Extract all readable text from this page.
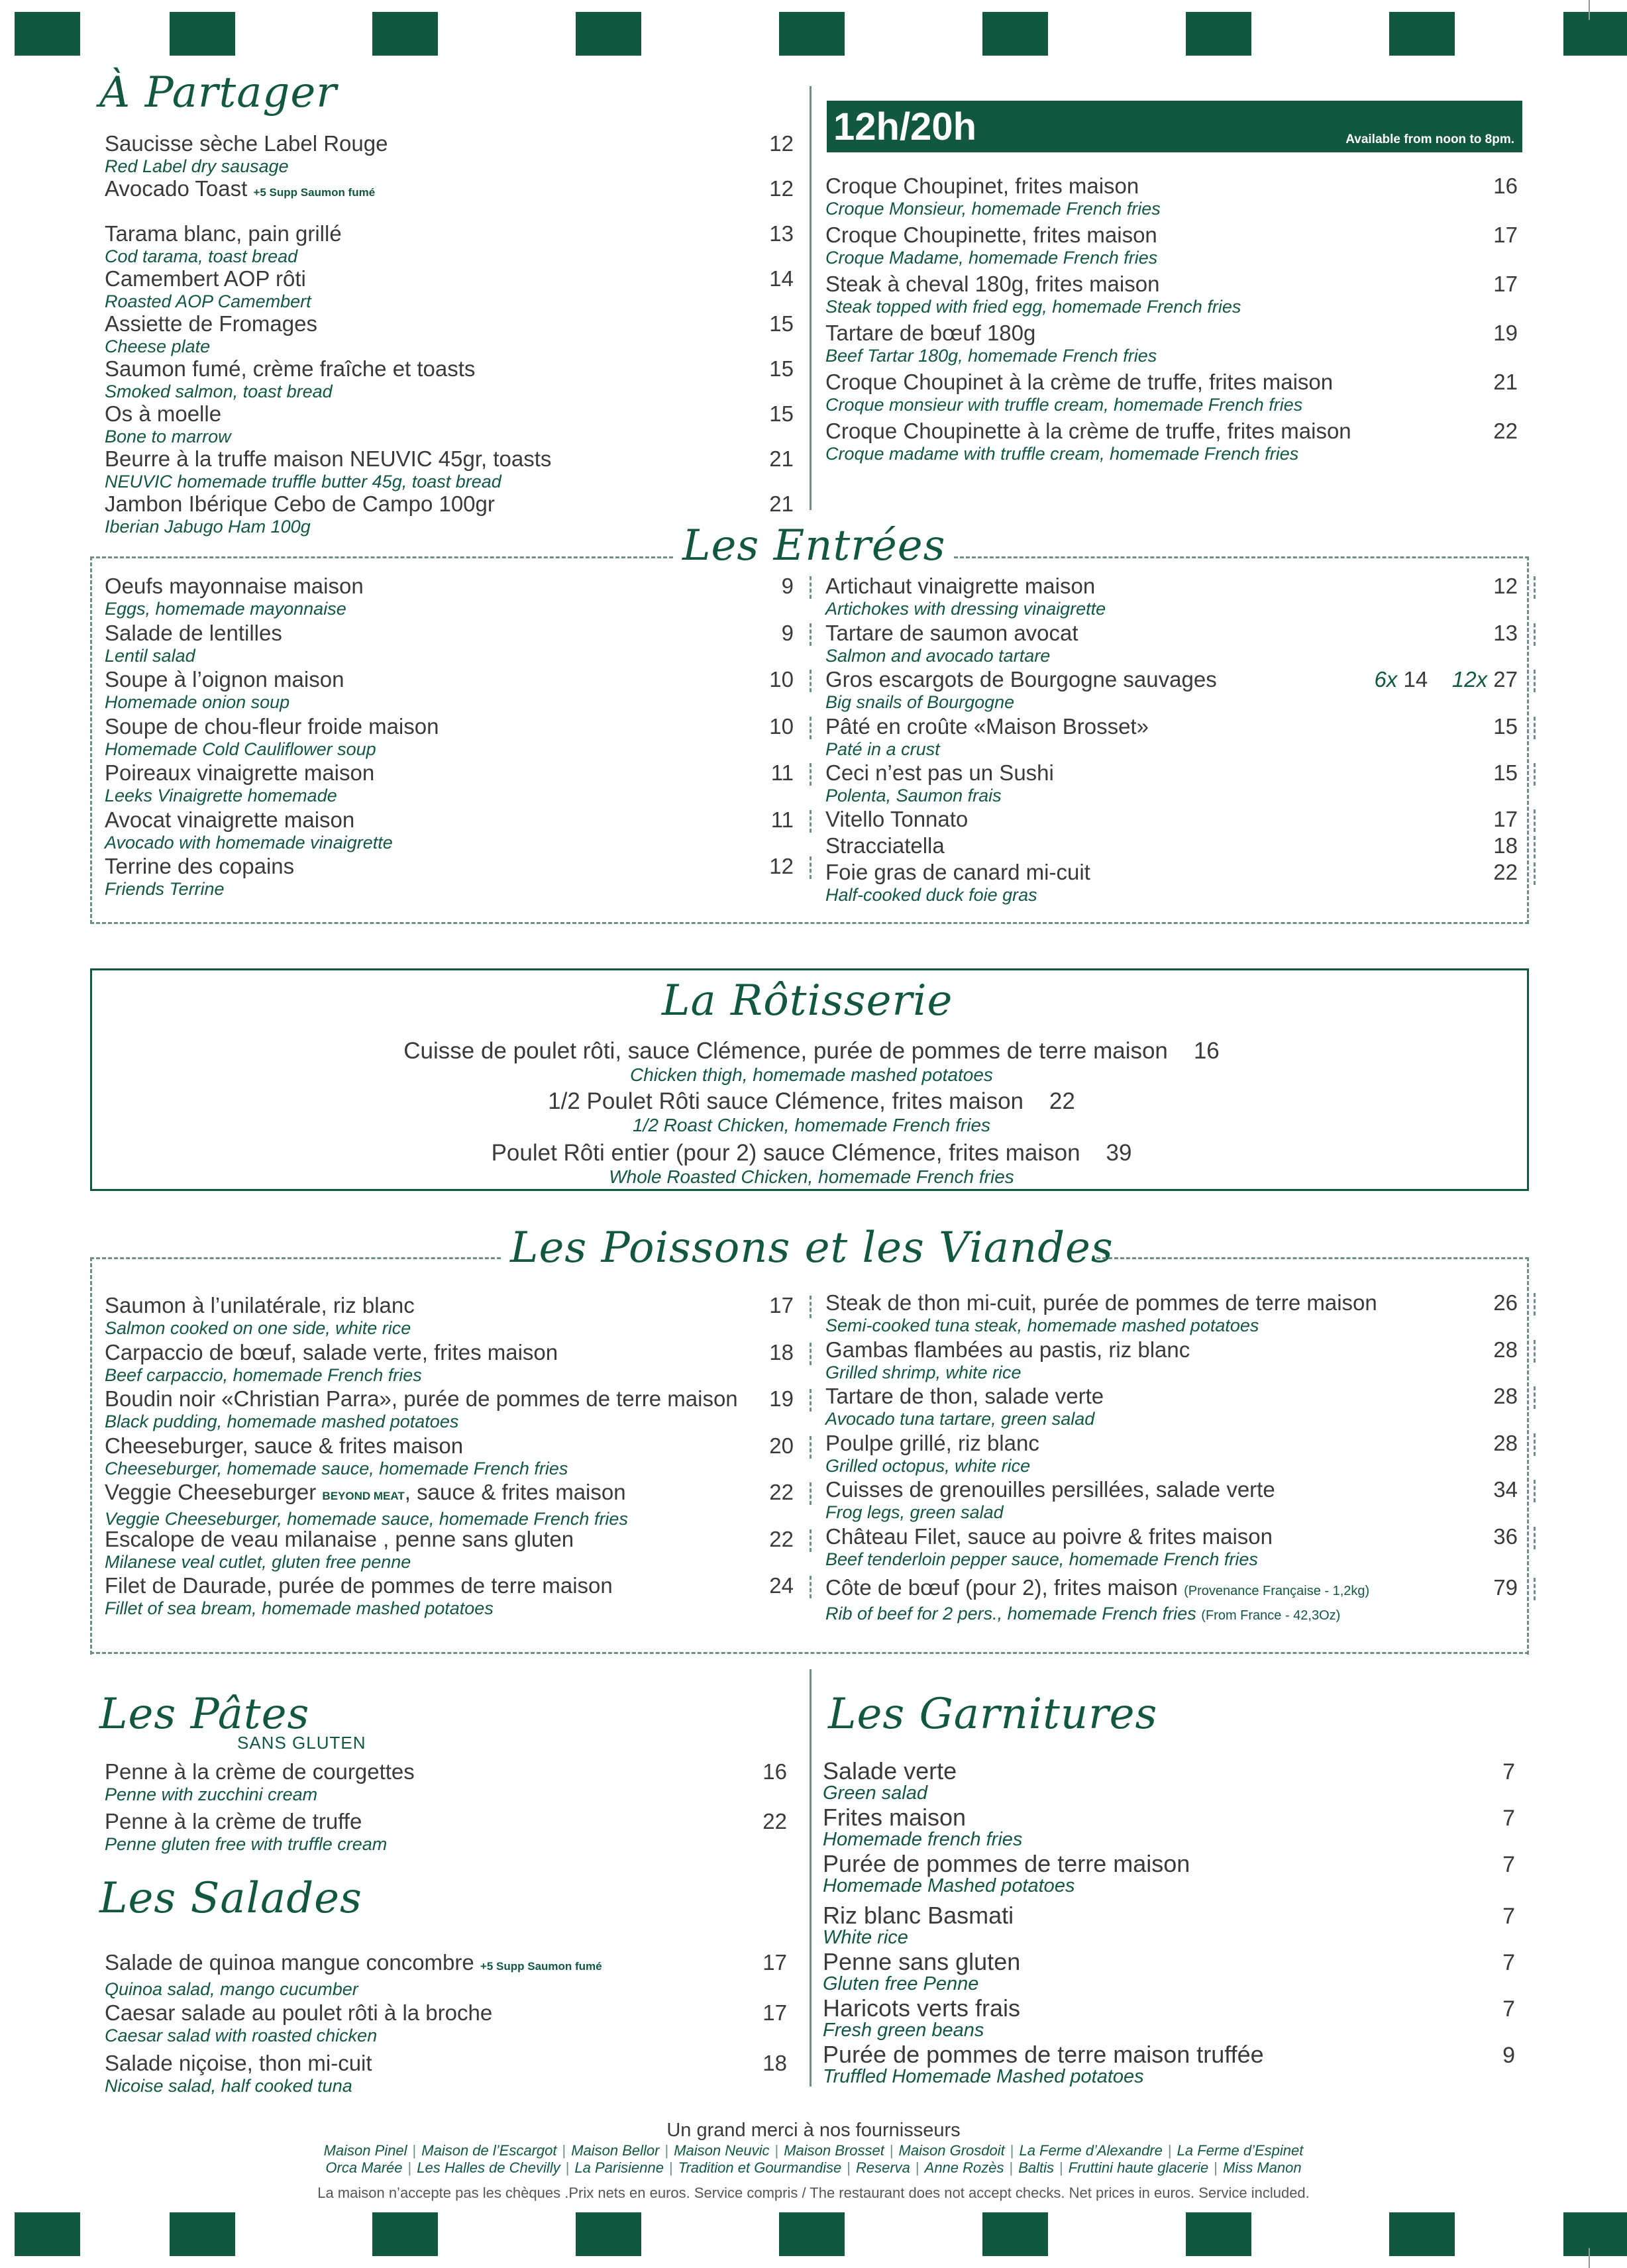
À Partager
Saucisse sèche Label Rouge
Red Label dry sausage
12
Avocado Toast +5 Supp Saumon fumé	12
Tarama blanc, pain grillé
Cod tarama, toast bread
13
Camembert AOP rôti
Roasted AOP Camembert
14
Assiette de Fromages
Cheese plate
15
Saumon fumé, crème fraîche et toasts
Smoked salmon, toast bread
15
Os à moelle
Bone to marrow
15
Beurre à la truffe maison NEUVIC 45gr, toasts
NEUVIC homemade truffle butter 45g, toast bread
21
Jambon Ibérique Cebo de Campo 100gr
Iberian Jabugo Ham 100g
21
12h/20h	Available from noon to 8pm.
Croque Choupinet, frites maison
Croque Monsieur, homemade French fries
16
Croque Choupinette, frites maison
Croque Madame, homemade French fries
17
Steak à cheval 180g, frites maison
Steak topped with fried egg, homemade French fries
17
Tartare de bœuf 180g
Beef Tartar 180g, homemade French fries
19
Croque Choupinet à la crème de truffe, frites maison
Croque monsieur with truffle cream, homemade French fries
21
Croque Choupinette à la crème de truffe, frites maison
Croque madame with truffle cream, homemade French fries
22
Les Entrées
Oeufs mayonnaise maison
Eggs, homemade mayonnaise
9
Salade de lentilles
Lentil salad
9
Soupe à l’oignon maison
Homemade onion soup
10
Soupe de chou-fleur froide maison
Homemade Cold Cauliflower soup
10
Poireaux vinaigrette maison
Leeks Vinaigrette homemade
11
Avocat vinaigrette maison
Avocado with homemade vinaigrette
11
Terrine des copains
Friends Terrine
12
Artichaut vinaigrette maison
Artichokes with dressing vinaigrette
12
Tartare de saumon avocat
Salmon and avocado tartare
13
Gros escargots de Bourgogne sauvages
Big snails of Bourgogne
6x 14 12x 27
Pâté en croûte «Maison Brosset»
Paté in a crust
15
Ceci n’est pas un Sushi
Polenta, Saumon frais
15
Vitello Tonnato	17
Stracciatella	18
Foie gras de canard mi-cuit
Half-cooked duck foie gras
22
La Rôtisserie
Cuisse de poulet rôti, sauce Clémence, purée de pommes de terre maison 16
Chicken thigh, homemade mashed potatoes
1/2 Poulet Rôti sauce Clémence, frites maison 22
1/2 Roast Chicken, homemade French fries
Poulet Rôti entier (pour 2) sauce Clémence, frites maison 39
Whole Roasted Chicken, homemade French fries
Les Poissons et les Viandes
Saumon à l’unilatérale, riz blanc
Salmon cooked on one side, white rice
17
Carpaccio de bœuf, salade verte, frites maison
Beef carpaccio, homemade French fries
18
Boudin noir «Christian Parra», purée de pommes de terre maison
Black pudding, homemade mashed potatoes
19
Cheeseburger, sauce & frites maison
Cheeseburger, homemade sauce, homemade French fries
20
Veggie Cheeseburger BEYOND MEAT, sauce & frites maison
Veggie Cheeseburger, homemade sauce, homemade French fries
22
Escalope de veau milanaise , penne sans gluten
Milanese veal cutlet, gluten free penne
22
Filet de Daurade, purée de pommes de terre maison
Fillet of sea bream, homemade mashed potatoes
24
Steak de thon mi-cuit, purée de pommes de terre maison
Semi-cooked tuna steak, homemade mashed potatoes
26
Gambas flambées au pastis, riz blanc
Grilled shrimp, white rice
28
Tartare de thon, salade verte
Avocado tuna tartare, green salad
28
Poulpe grillé, riz blanc
Grilled octopus, white rice
28
Cuisses de grenouilles persillées, salade verte
Frog legs, green salad
34
Château Filet, sauce au poivre & frites maison
Beef tenderloin pepper sauce, homemade French fries
36
Côte de bœuf (pour 2), frites maison (Provenance Française - 1,2kg)
Rib of beef for 2 pers., homemade French fries (From France - 42,3Oz)
79
Les Pâtes
SANS GLUTEN
Penne à la crème de courgettes
Penne with zucchini cream
16
Penne à la crème de truffe
Penne gluten free with truffle cream
22
Les Salades
Salade de quinoa mangue concombre +5 Supp Saumon fumé
Quinoa salad, mango cucumber
17
Caesar salade au poulet rôti à la broche
Caesar salad with roasted chicken
17
Salade niçoise, thon mi-cuit
Nicoise salad, half cooked tuna
18
Les Garnitures
Salade verte
Green salad
7
Frites maison
Homemade french fries
7
Purée de pommes de terre maison
Homemade Mashed potatoes
7
Riz blanc Basmati
White rice
7
Penne sans gluten
Gluten free Penne
7
Haricots verts frais
Fresh green beans
7
Purée de pommes de terre maison truffée
Truffled Homemade Mashed potatoes
9
Un grand merci à nos fournisseurs
Maison Pinel | Maison de l’Escargot | Maison Bellor | Maison Neuvic | Maison Brosset | Maison Grosdoit | La Ferme d’Alexandre | La Ferme d’Espinet
Orca Marée | Les Halles de Chevilly | La Parisienne | Tradition et Gourmandise | Reserva | Anne Rozès | Baltis | Fruttini haute glacerie | Miss Manon
La maison n’accepte pas les chèques .Prix nets en euros. Service compris / The restaurant does not accept checks. Net prices in euros. Service included.
